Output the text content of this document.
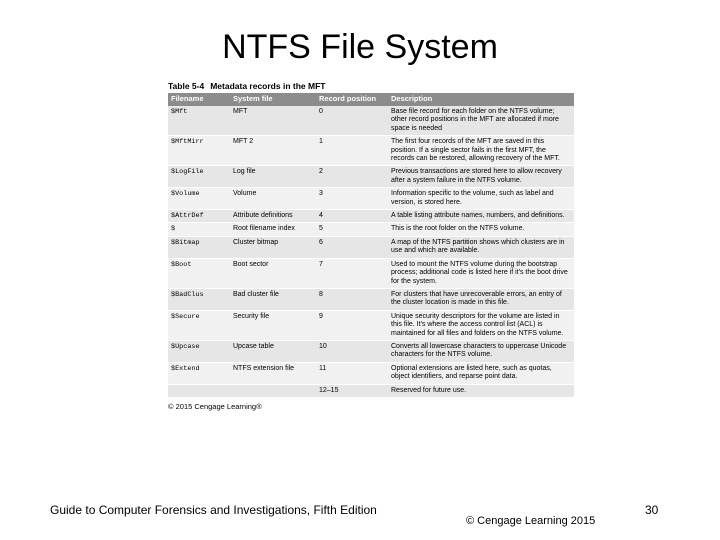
NTFS File System
Table 5-4 Metadata records in the MFT
Filename	System file	Record position	Description
$Mft	MFT	0	Base file record for each folder on the NTFS volume; other record positions in the MFT are allocated if more space is needed
$MftMirr	MFT 2	1	The first four records of the MFT are saved in this position. If a single sector fails in the first MFT, the records can be restored, allowing recovery of the MFT.
$LogFile	Log file	2	Previous transactions are stored here to allow recovery after a system failure in the NTFS volume.
$Volume	Volume	3	Information specific to the volume, such as label and version, is stored here.
$AttrDef	Attribute definitions	4	A table listing attribute names, numbers, and definitions.
$	Root filename index	5	This is the root folder on the NTFS volume.
$Bitmap	Cluster bitmap	6	A map of the NTFS partition shows which clusters are in use and which are available.
$Boot	Boot sector	7	Used to mount the NTFS volume during the bootstrap process; additional code is listed here if it's the boot drive for the system.
$BadClus	Bad cluster file	8	For clusters that have unrecoverable errors, an entry of the cluster location is made in this file.
$Secure	Security file	9	Unique security descriptors for the volume are listed in this file. It's where the access control list (ACL) is maintained for all files and folders on the NTFS volume.
$Upcase	Upcase table	10	Converts all lowercase characters to uppercase Unicode characters for the NTFS volume.
$Extend	NTFS extension file	11	Optional extensions are listed here, such as quotas, object identifiers, and reparse point data.
		12–15	Reserved for future use.
© 2015 Cengage Learning®
Guide to Computer Forensics and Investigations, Fifth Edition
© Cengage Learning 2015
30
